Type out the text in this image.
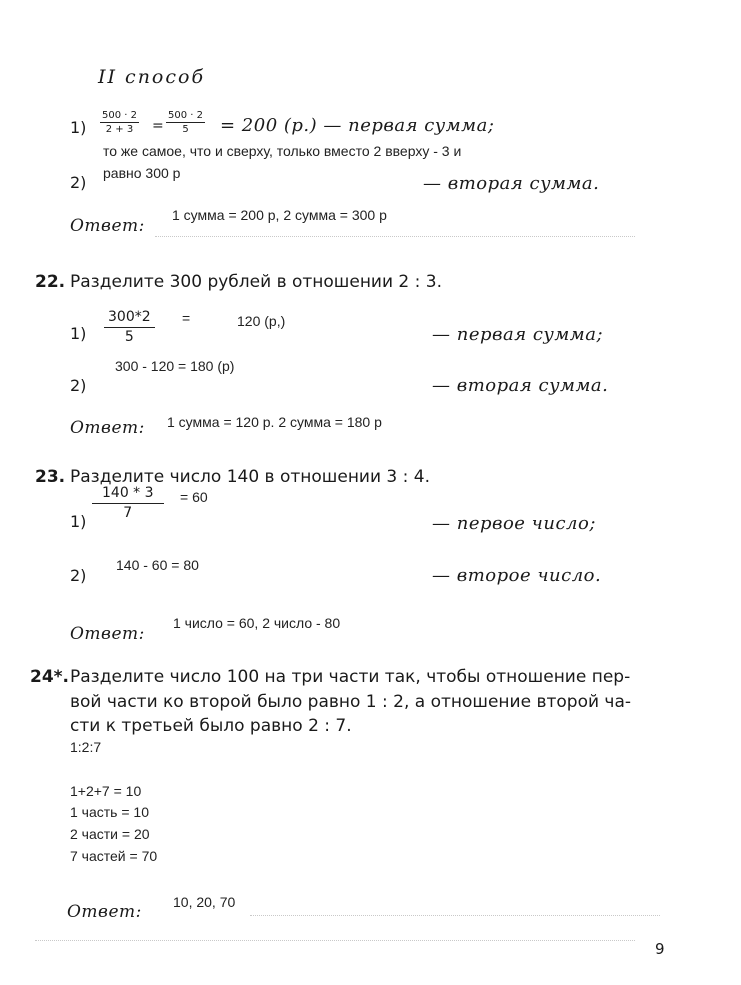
II способ
$1) \frac{500 \cdot 2}{2 + 3} = \frac{500 \cdot 2}{5} = 200$ (р.) — первая сумма;
то же самое, что и сверху, только вместо 2 вверху - 3 и
2) равно 300 р	— вторая сумма.
Ответ:
1 сумма = 200 р, 2 сумма = 300 р
22. Разделите 300 рублей в отношении 2 : 3.
$1) \frac{300*2}{5}$ =	120 (р,)
— первая сумма;
2)
300 - 120 = 180 (р)
— вторая сумма.
Ответ: 1 сумма = 120 р. 2 сумма = 180 р
23. Разделите число 140 в отношении 3 : 4.
1)
$\frac{140 * 3}{7} = 60$
— первое число;
2)
140 - 60 = 80	— второе число.
Ответ:
1 число = 60, 2 число - 80
24*. Разделите число 100 на три части так, чтобы отношение пер-
вой части ко второй было равно 1 : 2, а отношение второй ча-
сти к третьей было равно 2 : 7.
1:2:7
1+2+7 = 10
1 часть = 10
2 части = 20
7 частей = 70
Ответ: 10, 20, 70
9
